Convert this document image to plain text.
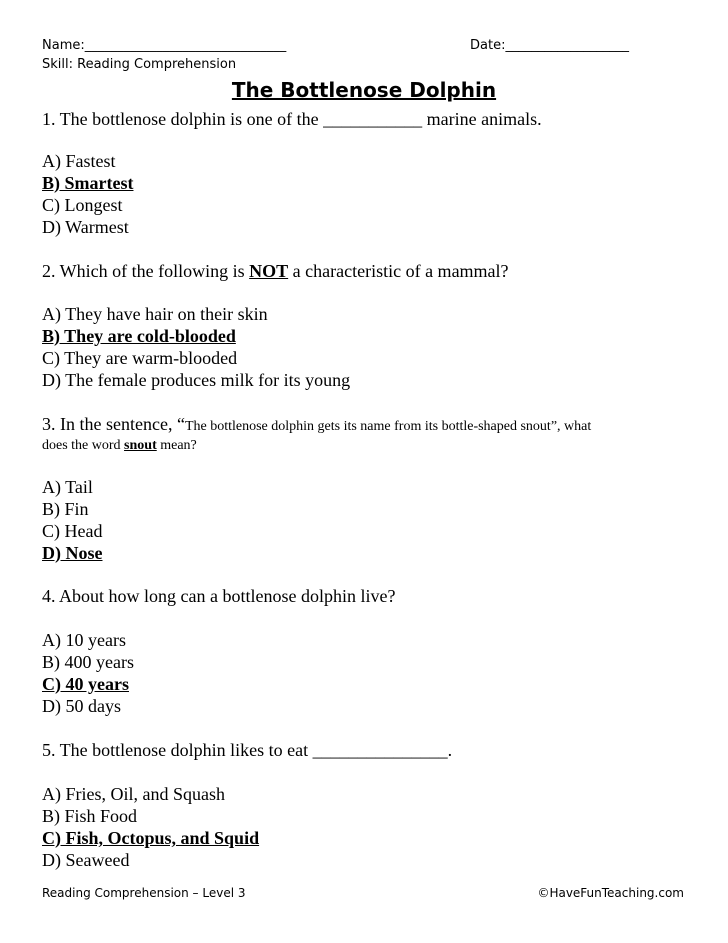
Name:_______________________________	Date:___________________
Skill: Reading Comprehension
The Bottlenose Dolphin
1. The bottlenose dolphin is one of the ___________ marine animals.
A) Fastest
B) Smartest
C) Longest
D) Warmest
2. Which of the following is NOT a characteristic of a mammal?
A) They have hair on their skin
B) They are cold-blooded
C) They are warm-blooded
D) The female produces milk for its young
3. In the sentence, “The bottlenose dolphin gets its name from its bottle-shaped snout”, what
does the word snout mean?
A) Tail
B) Fin
C) Head
D) Nose
4. About how long can a bottlenose dolphin live?
A) 10 years
B) 400 years
C) 40 years
D) 50 days
5. The bottlenose dolphin likes to eat _______________.
A) Fries, Oil, and Squash
B) Fish Food
C) Fish, Octopus, and Squid
D) Seaweed
Reading Comprehension – Level 3	©HaveFunTeaching.com
